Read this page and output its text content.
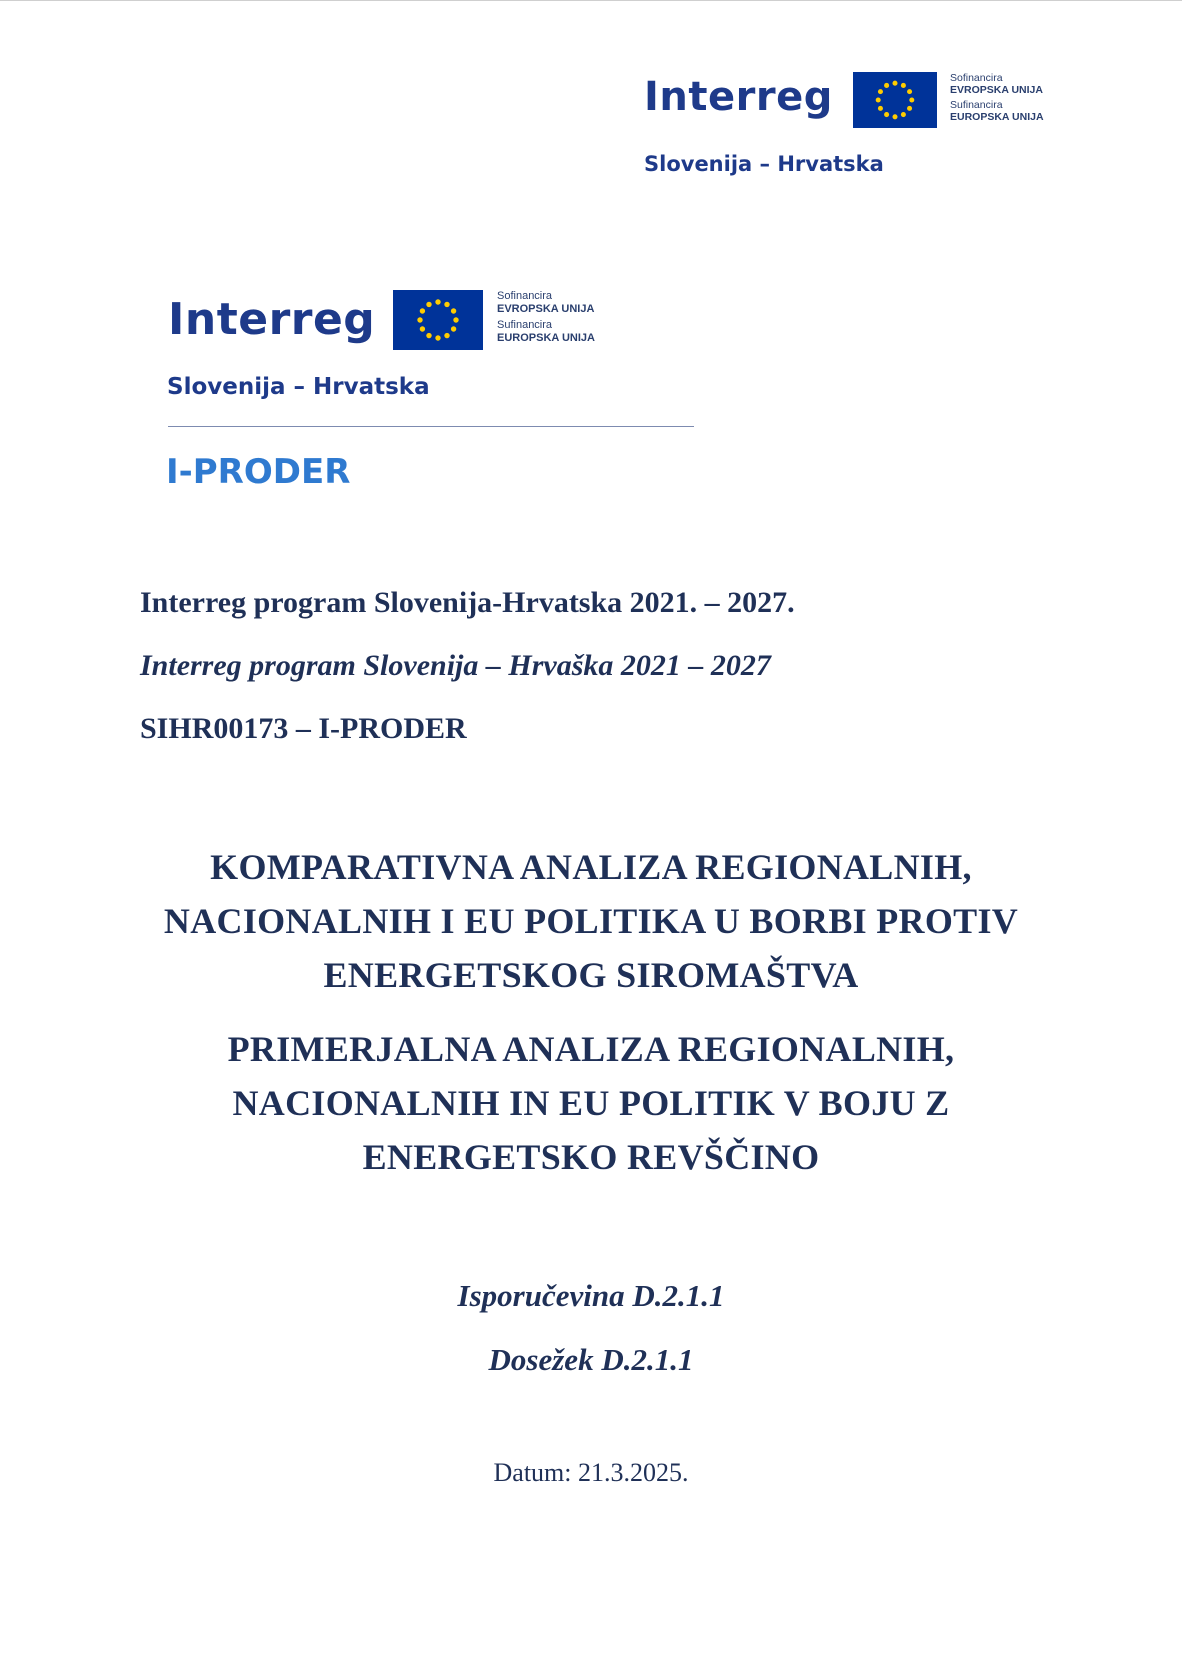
Interreg	Sofinancira
EVROPSKA UNIJA
Sufinancira
EUROPSKA UNIJA
Slovenija – Hrvatska
Interreg	Sofinancira
EVROPSKA UNIJA
Sufinancira
EUROPSKA UNIJA
Slovenija – Hrvatska
I-PRODER
Interreg program Slovenija-Hrvatska 2021. – 2027.
Interreg program Slovenija – Hrvaška 2021 – 2027
SIHR00173 – I-PRODER
KOMPARATIVNA ANALIZA REGIONALNIH,
NACIONALNIH I EU POLITIKA U BORBI PROTIV
ENERGETSKOG SIROMAŠTVA
PRIMERJALNA ANALIZA REGIONALNIH,
NACIONALNIH IN EU POLITIK V BOJU Z
ENERGETSKO REVŠČINO
Isporučevina D.2.1.1
Dosežek D.2.1.1
Datum: 21.3.2025.
